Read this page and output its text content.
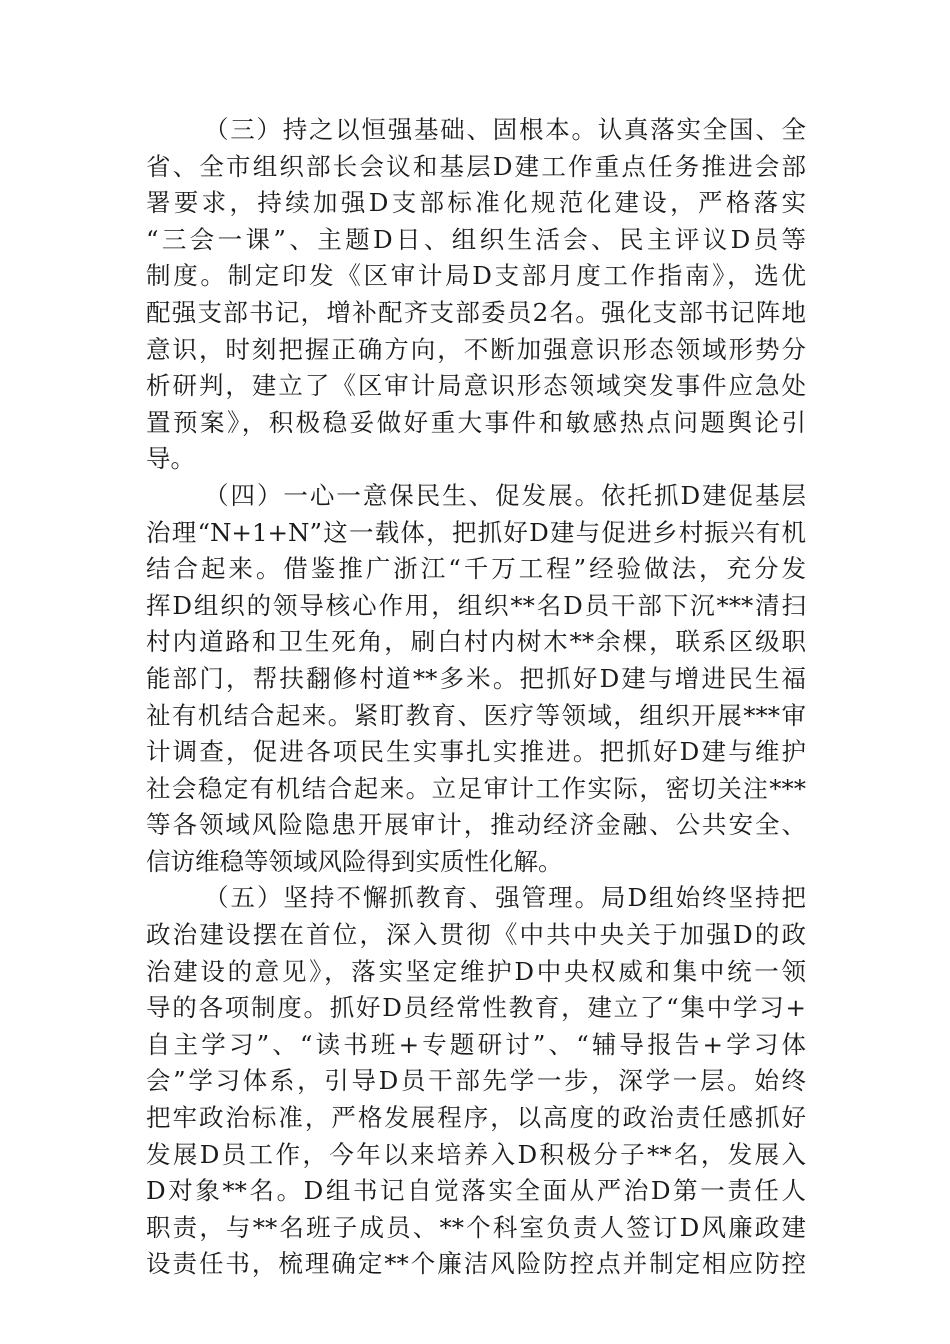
（三）持之以恒强基础、固根本。认真落实全国、全
省、全市组织部长会议和基层D建工作重点任务推进会部
署要求，持续加强D支部标准化规范化建设，严格落实
“三会一课”、主题D日、组织生活会、民主评议D员等
制度。制定印发《区审计局D支部月度工作指南》，选优
配强支部书记，增补配齐支部委员2名。强化支部书记阵地
意识，时刻把握正确方向，不断加强意识形态领域形势分
析研判，建立了《区审计局意识形态领域突发事件应急处
置预案》，积极稳妥做好重大事件和敏感热点问题舆论引
导。
（四）一心一意保民生、促发展。依托抓D建促基层
治理“N+1+N”这一载体，把抓好D建与促进乡村振兴有机
结合起来。借鉴推广浙江“千万工程”经验做法，充分发
挥D组织的领导核心作用，组织**名D员干部下沉***清扫
村内道路和卫生死角，刷白村内树木**余棵，联系区级职
能部门，帮扶翻修村道**多米。把抓好D建与增进民生福
祉有机结合起来。紧盯教育、医疗等领域，组织开展***审
计调查，促进各项民生实事扎实推进。把抓好D建与维护
社会稳定有机结合起来。立足审计工作实际，密切关注***
等各领域风险隐患开展审计，推动经济金融、公共安全、
信访维稳等领域风险得到实质性化解。
（五）坚持不懈抓教育、强管理。局D组始终坚持把
政治建设摆在首位，深入贯彻《中共中央关于加强D的政
治建设的意见》，落实坚定维护D中央权威和集中统一领
导的各项制度。抓好D员经常性教育，建立了“集中学习+
自主学习”、“读书班+专题研讨”、“辅导报告+学习体
会”学习体系，引导D员干部先学一步，深学一层。始终
把牢政治标准，严格发展程序，以高度的政治责任感抓好
发展D员工作，今年以来培养入D积极分子**名，发展入
D对象**名。D组书记自觉落实全面从严治D第一责任人
职责，与**名班子成员、**个科室负责人签订D风廉政建
设责任书，梳理确定**个廉洁风险防控点并制定相应防控
